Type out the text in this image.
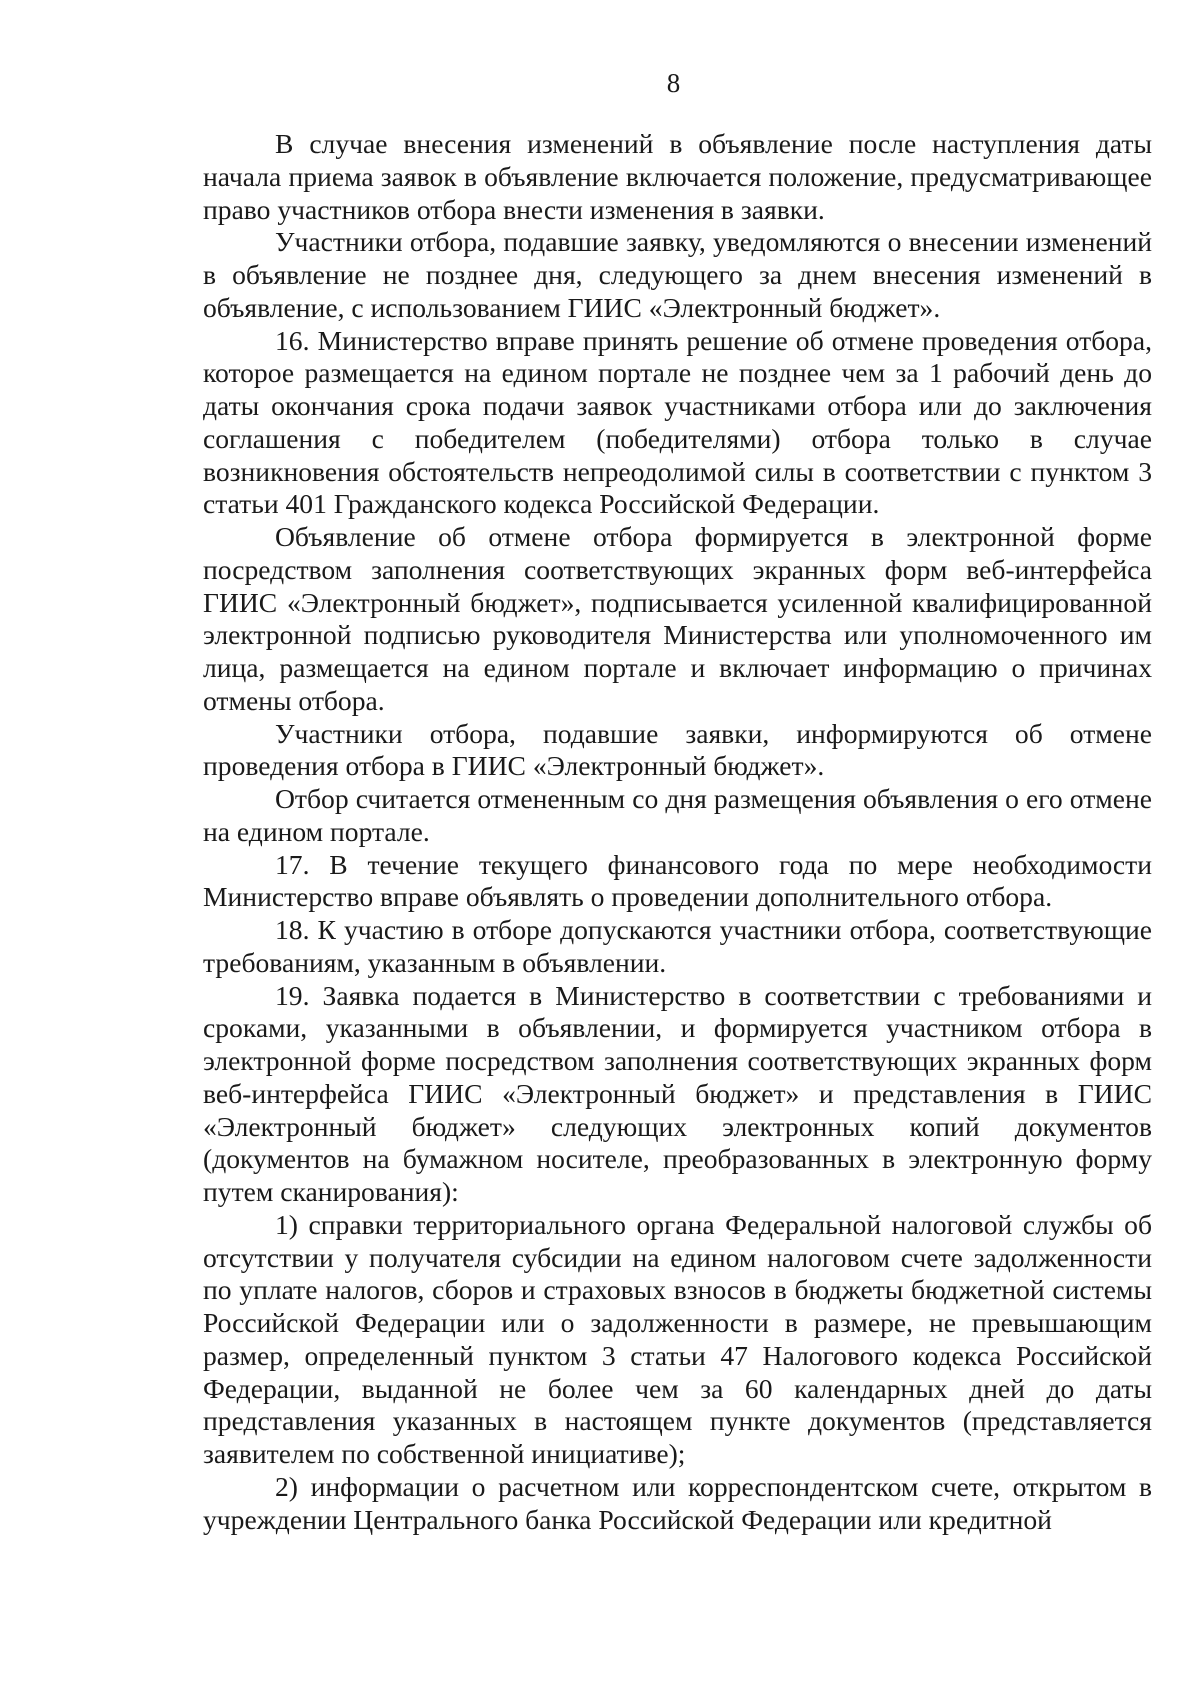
8

В случае внесения изменений в объявление после наступления даты начала приема заявок в объявление включается положение, предусматривающее право участников отбора внести изменения в заявки.

Участники отбора, подавшие заявку, уведомляются о внесении изменений в объявление не позднее дня, следующего за днем внесения изменений в объявление, с использованием ГИИС «Электронный бюджет».

16. Министерство вправе принять решение об отмене проведения отбора, которое размещается на едином портале не позднее чем за 1 рабочий день до даты окончания срока подачи заявок участниками отбора или до заключения соглашения с победителем (победителями) отбора только в случае возникновения обстоятельств непреодолимой силы в соответствии с пунктом 3 статьи 401 Гражданского кодекса Российской Федерации.

Объявление об отмене отбора формируется в электронной форме посредством заполнения соответствующих экранных форм веб-интерфейса ГИИС «Электронный бюджет», подписывается усиленной квалифицированной электронной подписью руководителя Министерства или уполномоченного им лица, размещается на едином портале и включает информацию о причинах отмены отбора.

Участники отбора, подавшие заявки, информируются об отмене проведения отбора в ГИИС «Электронный бюджет».

Отбор считается отмененным со дня размещения объявления о его отмене на едином портале.

17. В течение текущего финансового года по мере необходимости Министерство вправе объявлять о проведении дополнительного отбора.

18. К участию в отборе допускаются участники отбора, соответствующие требованиям, указанным в объявлении.

19. Заявка подается в Министерство в соответствии с требованиями и сроками, указанными в объявлении, и формируется участником отбора в электронной форме посредством заполнения соответствующих экранных форм веб-интерфейса ГИИС «Электронный бюджет» и представления в ГИИС «Электронный бюджет» следующих электронных копий документов (документов на бумажном носителе, преобразованных в электронную форму путем сканирования):

1) справки территориального органа Федеральной налоговой службы об отсутствии у получателя субсидии на едином налоговом счете задолженности по уплате налогов, сборов и страховых взносов в бюджеты бюджетной системы Российской Федерации или о задолженности в размере, не превышающим размер, определенный пунктом 3 статьи 47 Налогового кодекса Российской Федерации, выданной не более чем за 60 календарных дней до даты представления указанных в настоящем пункте документов (представляется заявителем по собственной инициативе);

2) информации о расчетном или корреспондентском счете, открытом в учреждении Центрального банка Российской Федерации или кредитной
